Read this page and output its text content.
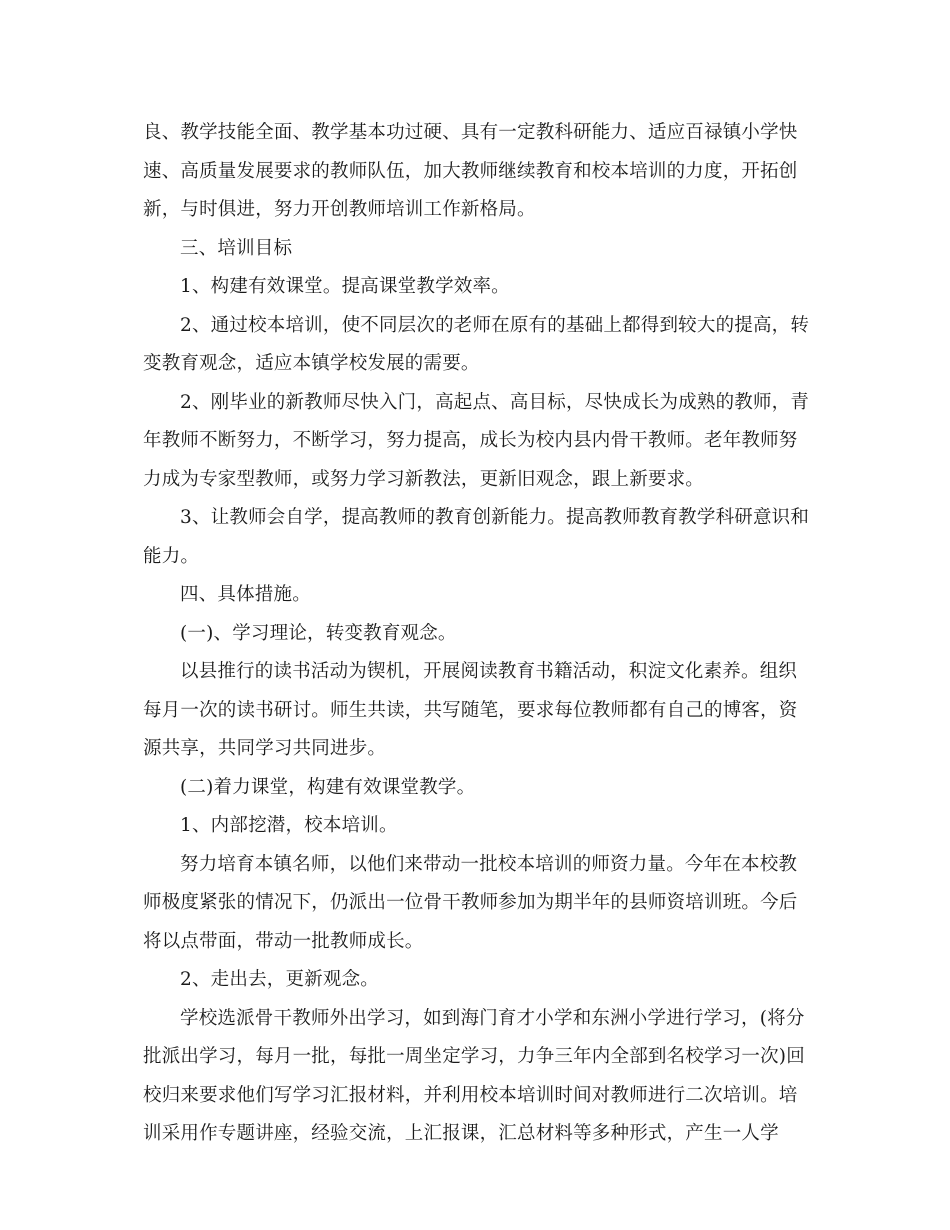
良、教学技能全面、教学基本功过硬、具有一定教科研能力、适应百禄镇小学快
速、高质量发展要求的教师队伍，加大教师继续教育和校本培训的力度，开拓创
新，与时俱进，努力开创教师培训工作新格局。
三、培训目标
1、构建有效课堂。提高课堂教学效率。
2、通过校本培训，使不同层次的老师在原有的基础上都得到较大的提高，转
变教育观念，适应本镇学校发展的需要。
2、刚毕业的新教师尽快入门，高起点、高目标，尽快成长为成熟的教师，青
年教师不断努力，不断学习，努力提高，成长为校内县内骨干教师。老年教师努
力成为专家型教师，或努力学习新教法，更新旧观念，跟上新要求。
3、让教师会自学，提高教师的教育创新能力。提高教师教育教学科研意识和
能力。
四、具体措施。
(一)、学习理论，转变教育观念。
以县推行的读书活动为锲机，开展阅读教育书籍活动，积淀文化素养。组织
每月一次的读书研讨。师生共读，共写随笔，要求每位教师都有自己的博客，资
源共享，共同学习共同进步。
(二)着力课堂，构建有效课堂教学。
1、内部挖潜，校本培训。
努力培育本镇名师，以他们来带动一批校本培训的师资力量。今年在本校教
师极度紧张的情况下，仍派出一位骨干教师参加为期半年的县师资培训班。今后
将以点带面，带动一批教师成长。
2、走出去，更新观念。
学校选派骨干教师外出学习，如到海门育才小学和东洲小学进行学习，(将分
批派出学习，每月一批，每批一周坐定学习，力争三年内全部到名校学习一次)回
校归来要求他们写学习汇报材料，并利用校本培训时间对教师进行二次培训。培
训采用作专题讲座，经验交流，上汇报课，汇总材料等多种形式，产生一人学
